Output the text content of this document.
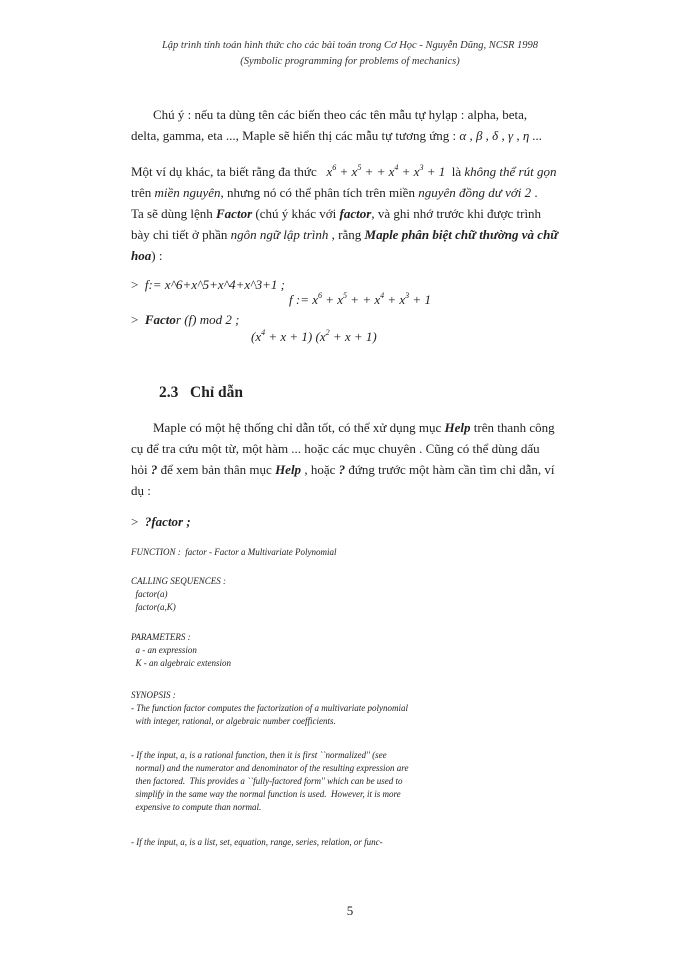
Lập trình tính toán hình thức cho các bài toán trong Cơ Học - Nguyễn Dũng, NCSR 1998
(Symbolic programming for problems of mechanics)
Chú ý : nếu ta dùng tên các biến theo các tên mẫu tự hylạp : alpha, beta,
delta, gamma, eta ..., Maple sẽ hiển thị các mẫu tự tương ứng : α , β , δ , γ , η ...
Một ví dụ khác, ta biết rằng đa thức $x^6 + x^5$ + + $x^4 + x^3 + 1$ là không thể rút gọn
trên miền nguyên, nhưng nó có thể phân tích trên miền nguyên đồng dư với 2 .
Ta sẽ dùng lệnh Factor (chú ý khác với factor, và ghi nhớ trước khi được trình
bày chi tiết ở phần ngôn ngữ lập trình , rằng Maple phân biệt chữ thường và chữ
hoa) :
> f:= x^6+x^5+x^4+x^3+1 ;
f := $x^6 + x^5$ + + $x^4 + x^3 + 1$
> Factor (f) mod 2 ;
$(x^4 + x + 1) (x^2 + x + 1)$
2.3 Chỉ dẫn
Maple có một hệ thống chỉ dẫn tốt, có thể xử dụng mục Help trên thanh công
cụ để tra cứu một từ, một hàm ... hoặc các mục chuyên . Cũng có thể dùng dấu
hỏi ? để xem bản thân mục Help , hoặc ? đứng trước một hàm cần tìm chỉ dẫn, ví
dụ :
> ?factor ;
FUNCTION :  factor - Factor a Multivariate Polynomial
CALLING SEQUENCES :
factor(a)
factor(a,K)
PARAMETERS :
a - an expression
K - an algebraic extension
SYNOPSIS :
- The function factor computes the factorization of a multivariate polynomial
with integer, rational, or algebraic number coefficients.
- If the input, a, is a rational function, then it is first ``normalized'' (see
normal) and the numerator and denominator of the resulting expression are
then factored.  This provides a ``fully-factored form'' which can be used to
simplify in the same way the normal function is used.  However, it is more
expensive to compute than normal.
- If the input, a, is a list, set, equation, range, series, relation, or func-
5
